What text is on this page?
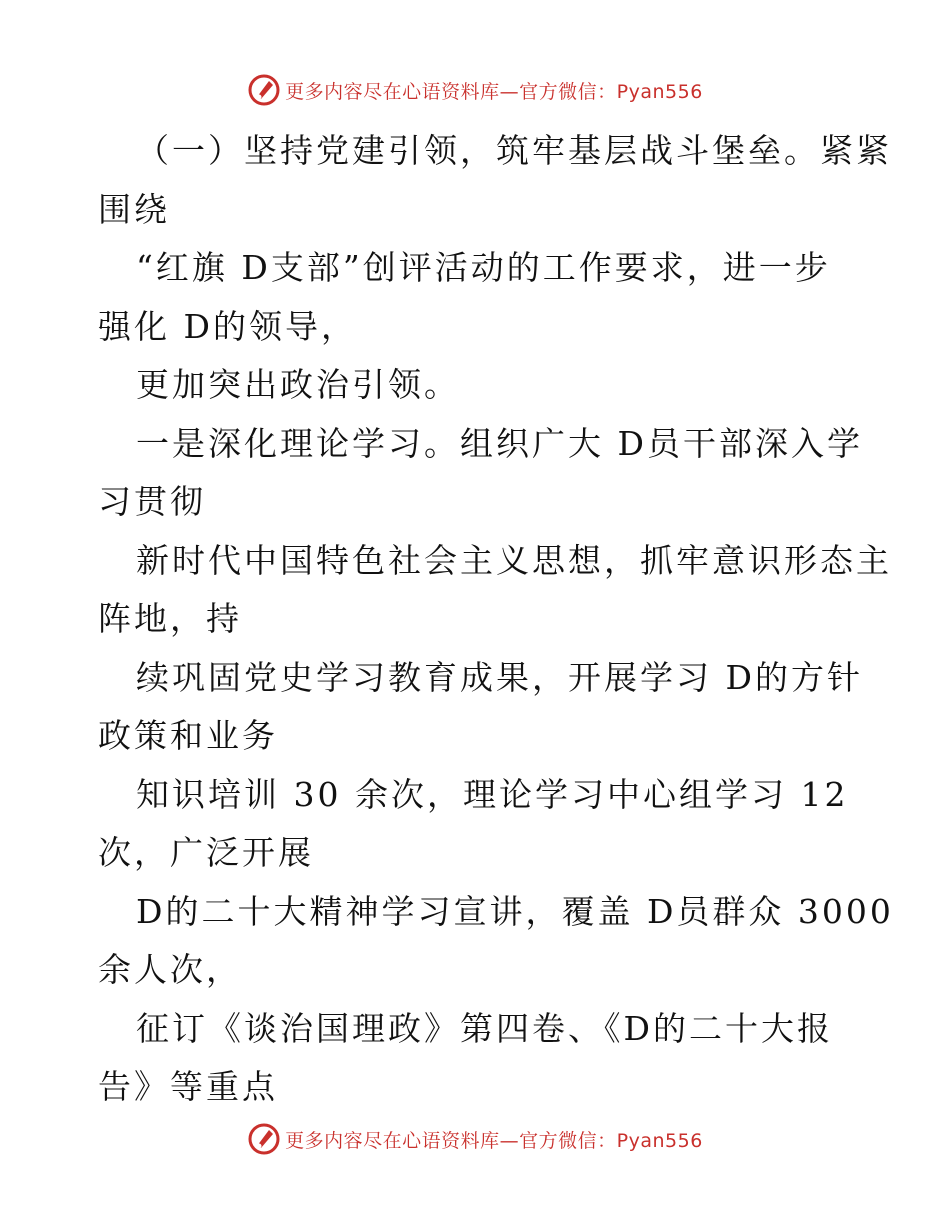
更多内容尽在心语资料库—官方微信：Pyan556
（一）坚持党建引领，筑牢基层战斗堡垒。紧紧
围绕
“红旗 D支部”创评活动的工作要求，进一步
强化 D的领导，
更加突出政治引领。
一是深化理论学习。组织广大 D员干部深入学
习贯彻
新时代中国特色社会主义思想，抓牢意识形态主
阵地，持
续巩固党史学习教育成果，开展学习 D的方针
政策和业务
知识培训 30 余次，理论学习中心组学习 12
次，广泛开展
D的二十大精神学习宣讲，覆盖 D员群众 3000
余人次，
征订《谈治国理政》第四卷、《D的二十大报
告》等重点
更多内容尽在心语资料库—官方微信：Pyan556
